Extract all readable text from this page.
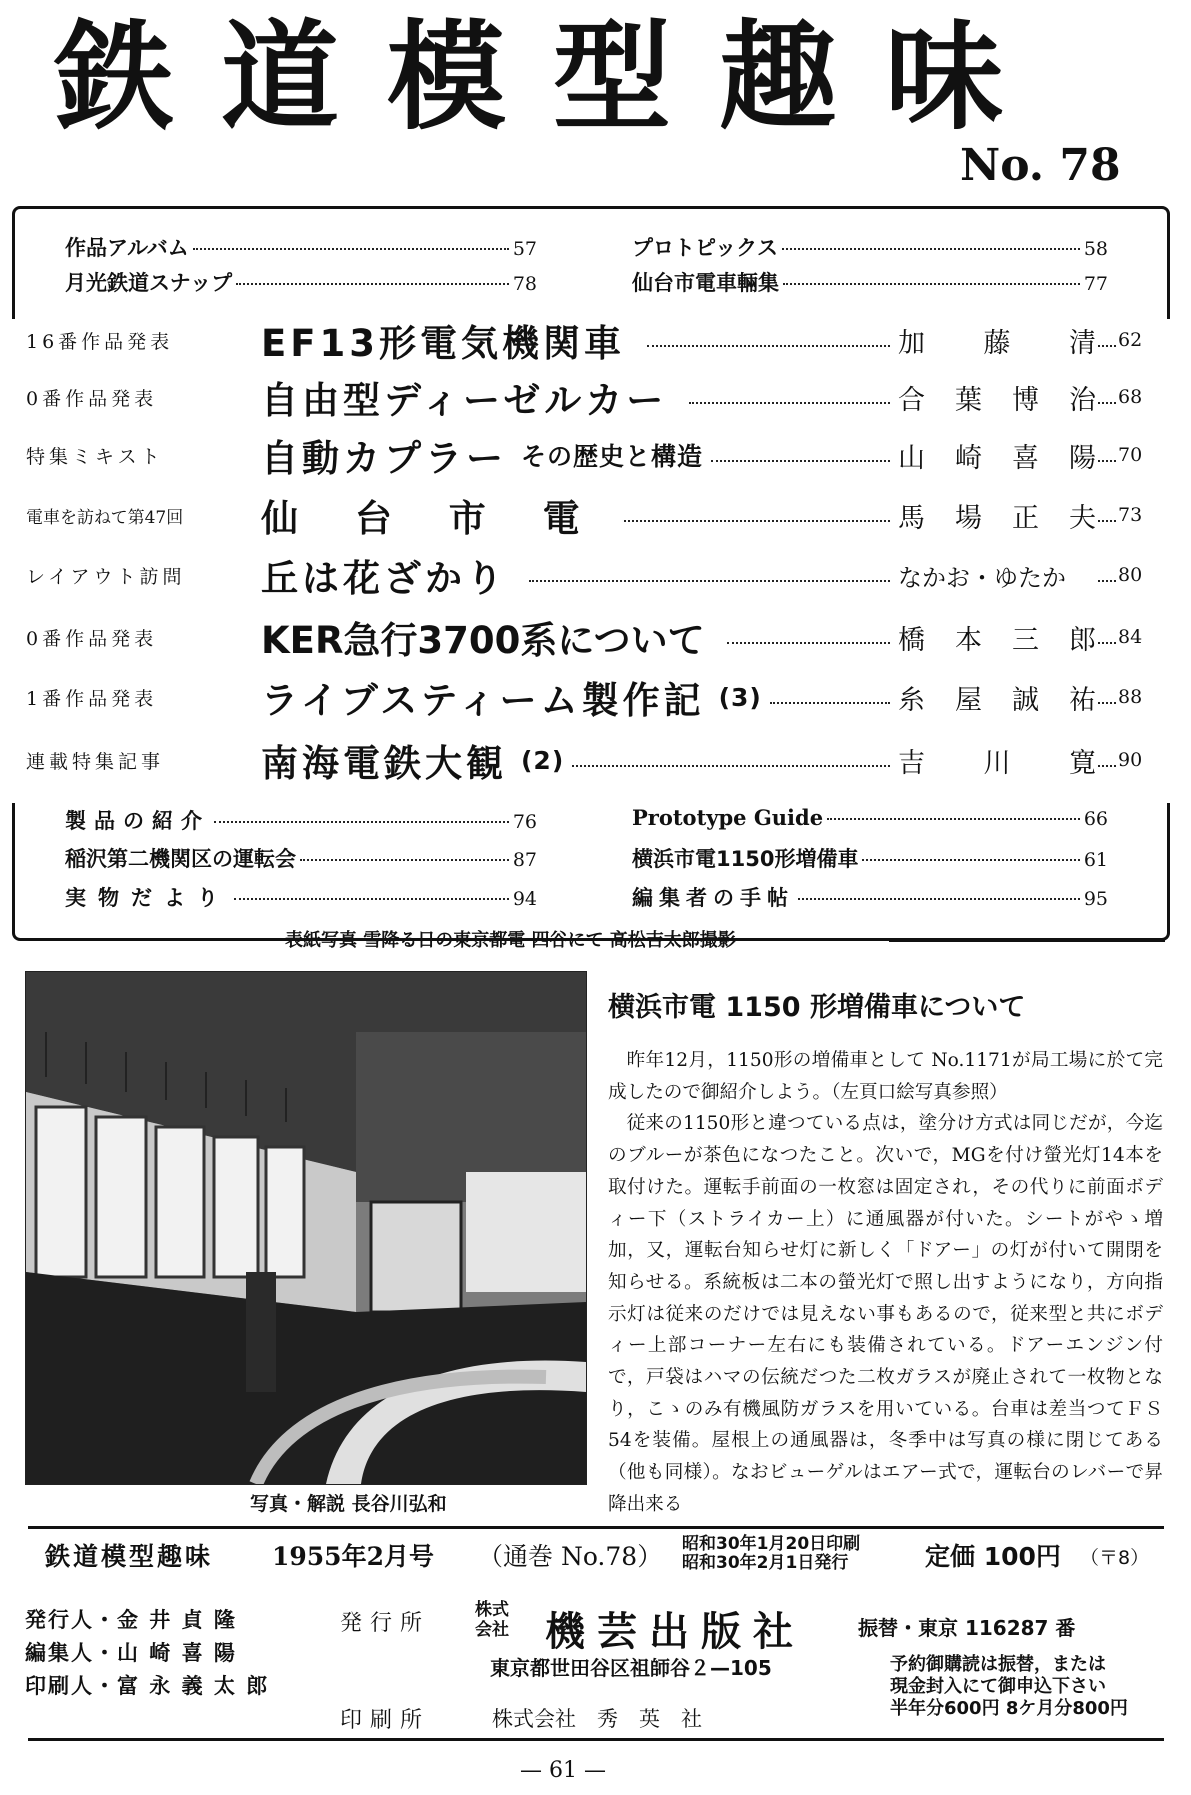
鉄道模型趣味
No. 78
作品アルバム	57	プロトピックス	58
月光鉄道スナップ	78	仙台市電車輛集	77
16番作品発表	EF13形電気機関車	加 藤 清 62
0番作品発表	自由型ディーゼルカー	合 葉 博 治 68
特集ミキスト	自動カプラー その歴史と構造	山 崎 喜 陽 70
電車を訪ねて第47回	仙 台 市 電	馬 場 正 夫 73
レイアウト訪問	丘は花ざかり	なかお・ゆたか	80
0番作品発表	KER急行3700系について	橋 本 三 郎 84
1番作品発表	ライブスティーム製作記 (3)	糸 屋 誠 祐 88
連載特集記事	南海電鉄大観 (2)	吉 川 寛 90
製品の紹介	76	Prototype Guide	66
稲沢第二機関区の運転会	87	横浜市電1150形増備車	61
実物だより	94	編集者の手帖	95
表紙写真 雪降る日の東京都電 四谷にて 高松吉太郎撮影
写真・解説 長谷川弘和
横浜市電 1150 形増備車について

昨年12月，1150形の増備車として No.1171が局工場に於て完成したので御紹介しよう。（左頁口絵写真参照）

従来の1150形と違つている点は，塗分け方式は同じだが，今迄のブルーが茶色になつたこと。次いで，MGを付け螢光灯14本を取付けた。運転手前面の一枚窓は固定され，その代りに前面ボディー下（ストライカー上）に通風器が付いた。シートがやゝ増加，又，運転台知らせ灯に新しく「ドアー」の灯が付いて開閉を知らせる。系統板は二本の螢光灯で照し出すようになり，方向指示灯は従来のだけでは見えない事もあるので，従来型と共にボディー上部コーナー左右にも装備されている。ドアーエンジン付で，戸袋はハマの伝統だつた二枚ガラスが廃止されて一枚物となり，こゝのみ有機風防ガラスを用いている。台車は差当つてＦＳ54を装備。屋根上の通風器は，冬季中は写真の様に閉じてある（他も同様）。なおビューゲルはエアー式で，運転台のレバーで昇降出来る

鉄道模型趣味 1955年2月号 （通巻 No.78） 昭和30年1月20日印刷
昭和30年2月1日発行	定価 100円 （〒8）
発行人・金 井 貞 隆
編集人・山 崎 喜 陽
印刷人・富 永 義 太 郎
発行所
株式会社 機芸出版社	振替・東京 116287 番
東京都世田谷区祖師谷２—105
印刷所	株式会社　秀　英　社
予約御購読は振替，または
現金封入にて御申込下さい
半年分600円 8ケ月分800円
— 61 —
